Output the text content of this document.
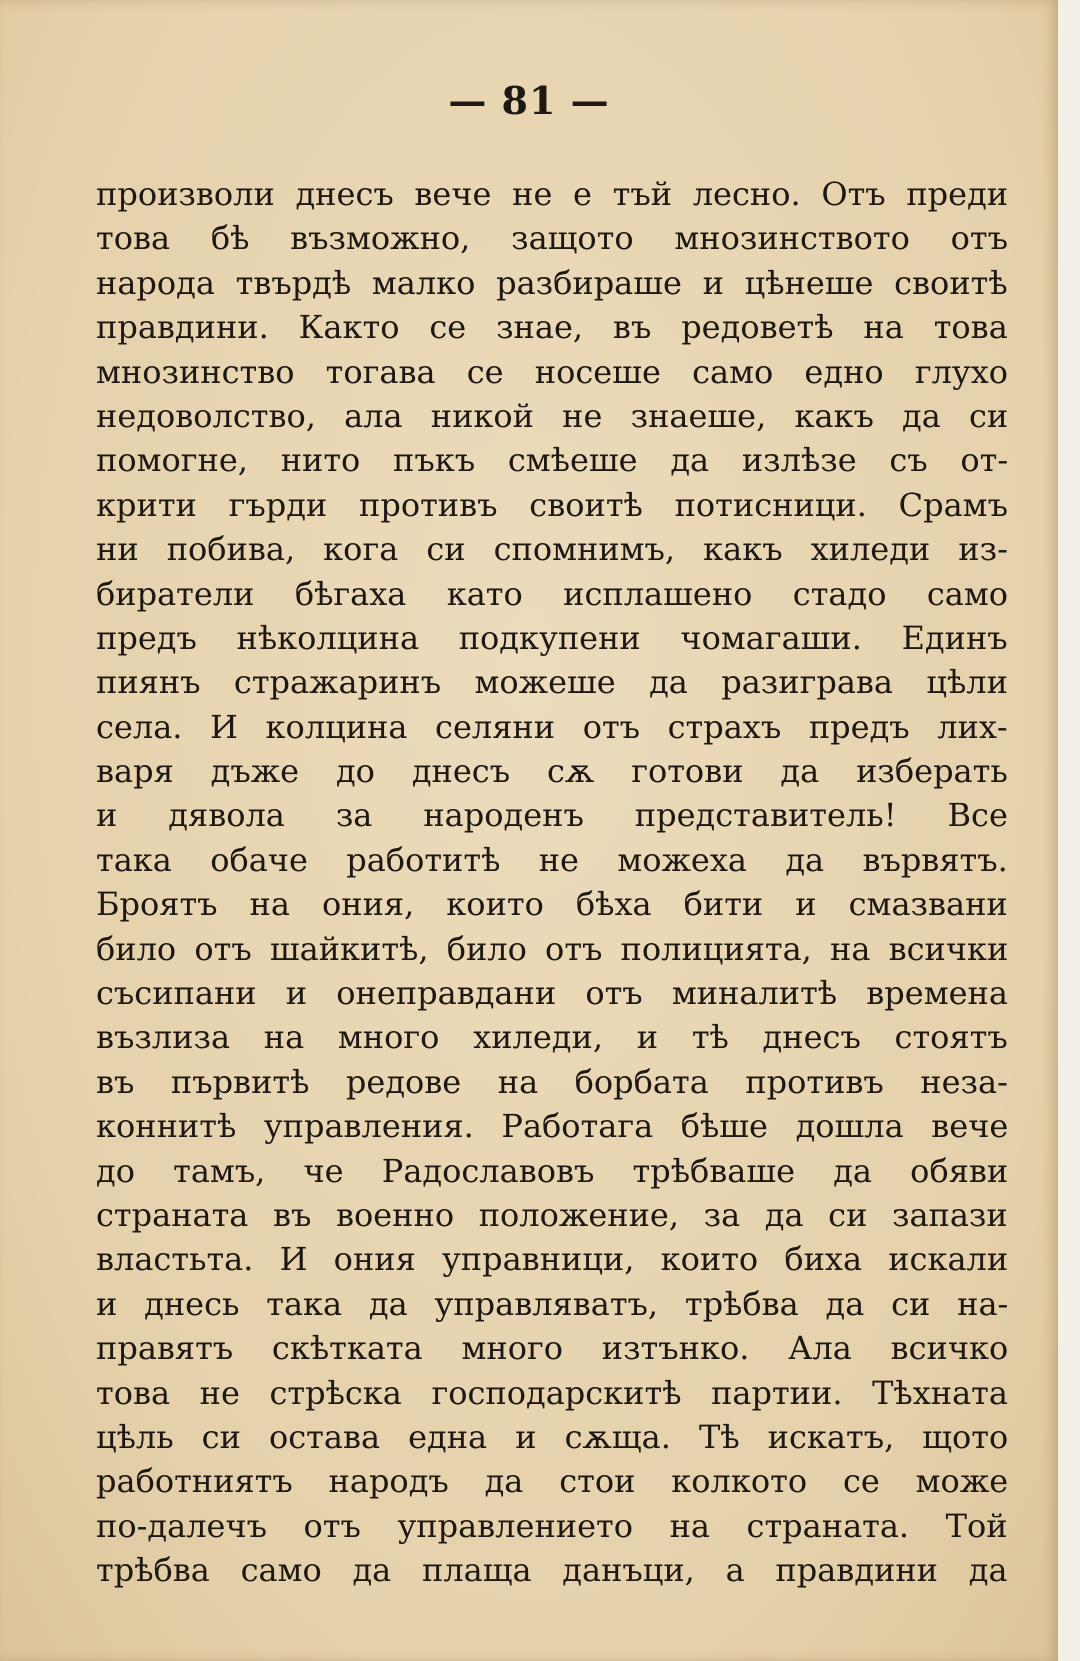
— 81 —
произволи днесъ вече не е тъй лесно. Отъ преди
това бѣ възможно, защото мнозинството отъ
народа твърдѣ малко разбираше и цѣнеше своитѣ
правдини. Както се знае, въ редоветѣ на това
мнозинство тогава се носеше само едно глухо
недоволство, ала никой не знаеше, какъ да си
помогне, нито пъкъ смѣеше да излѣзе съ от-
крити гърди противъ своитѣ потисници. Срамъ
ни побива, кога си спомнимъ, какъ хиледи из-
биратели бѣгаха като исплашено стадо само
предъ нѣколцина подкупени чомагаши. Единъ
пиянъ стражаринъ можеше да разиграва цѣли
села. И колцина селяни отъ страхъ предъ лих-
варя дъже до днесъ сѫ готови да изберать
и дявола за народенъ представитель! Все
така обаче работитѣ не можеха да вървятъ.
Броятъ на ония, които бѣха бити и смазвани
било отъ шайкитѣ, било отъ полицията, на всички
съсипани и онеправдани отъ миналитѣ времена
възлиза на много хиледи, и тѣ днесъ стоятъ
въ първитѣ редове на борбата противъ неза-
коннитѣ управления. Работага бѣше дошла вече
до тамъ, че Радославовъ трѣбваше да обяви
страната въ военно положение, за да си запази
властьта. И ония управници, които биха искали
и днесь така да управляватъ, трѣбва да си на-
правятъ скѣтката много изтънко. Ала всичко
това не стрѣска господарскитѣ партии. Тѣхната
цѣль си остава една и сѫща. Тѣ искатъ, щото
работниятъ народъ да стои колкото се може
по-далечъ отъ управлението на страната. Той
трѣбва само да плаща данъци, а правдини да
